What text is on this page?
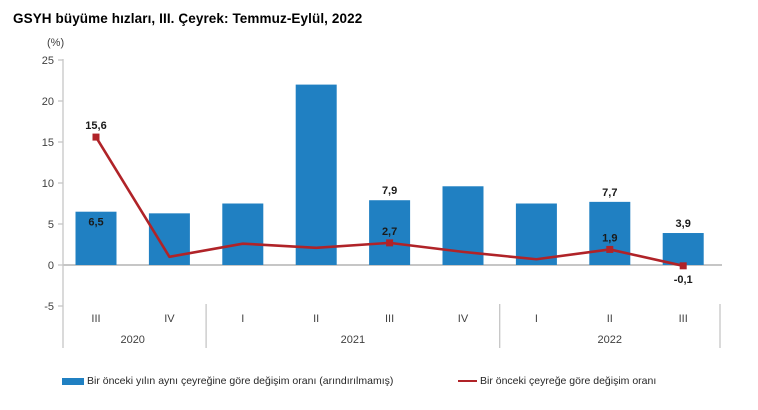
GSYH büyüme hızları, III. Çeyrek: Temmuz-Eylül, 2022
(%)
25
20
15
10
5
0
-5
6,5
7,9	7,7
3,9
15,6
2,7
1,9
-0,1
III	IV	I	II	III	IV	I	II	III
2020	2021	2022
Bir önceki yılın aynı çeyreğine göre değişim oranı (arındırılmamış)	Bir önceki çeyreğe göre değişim oranı
